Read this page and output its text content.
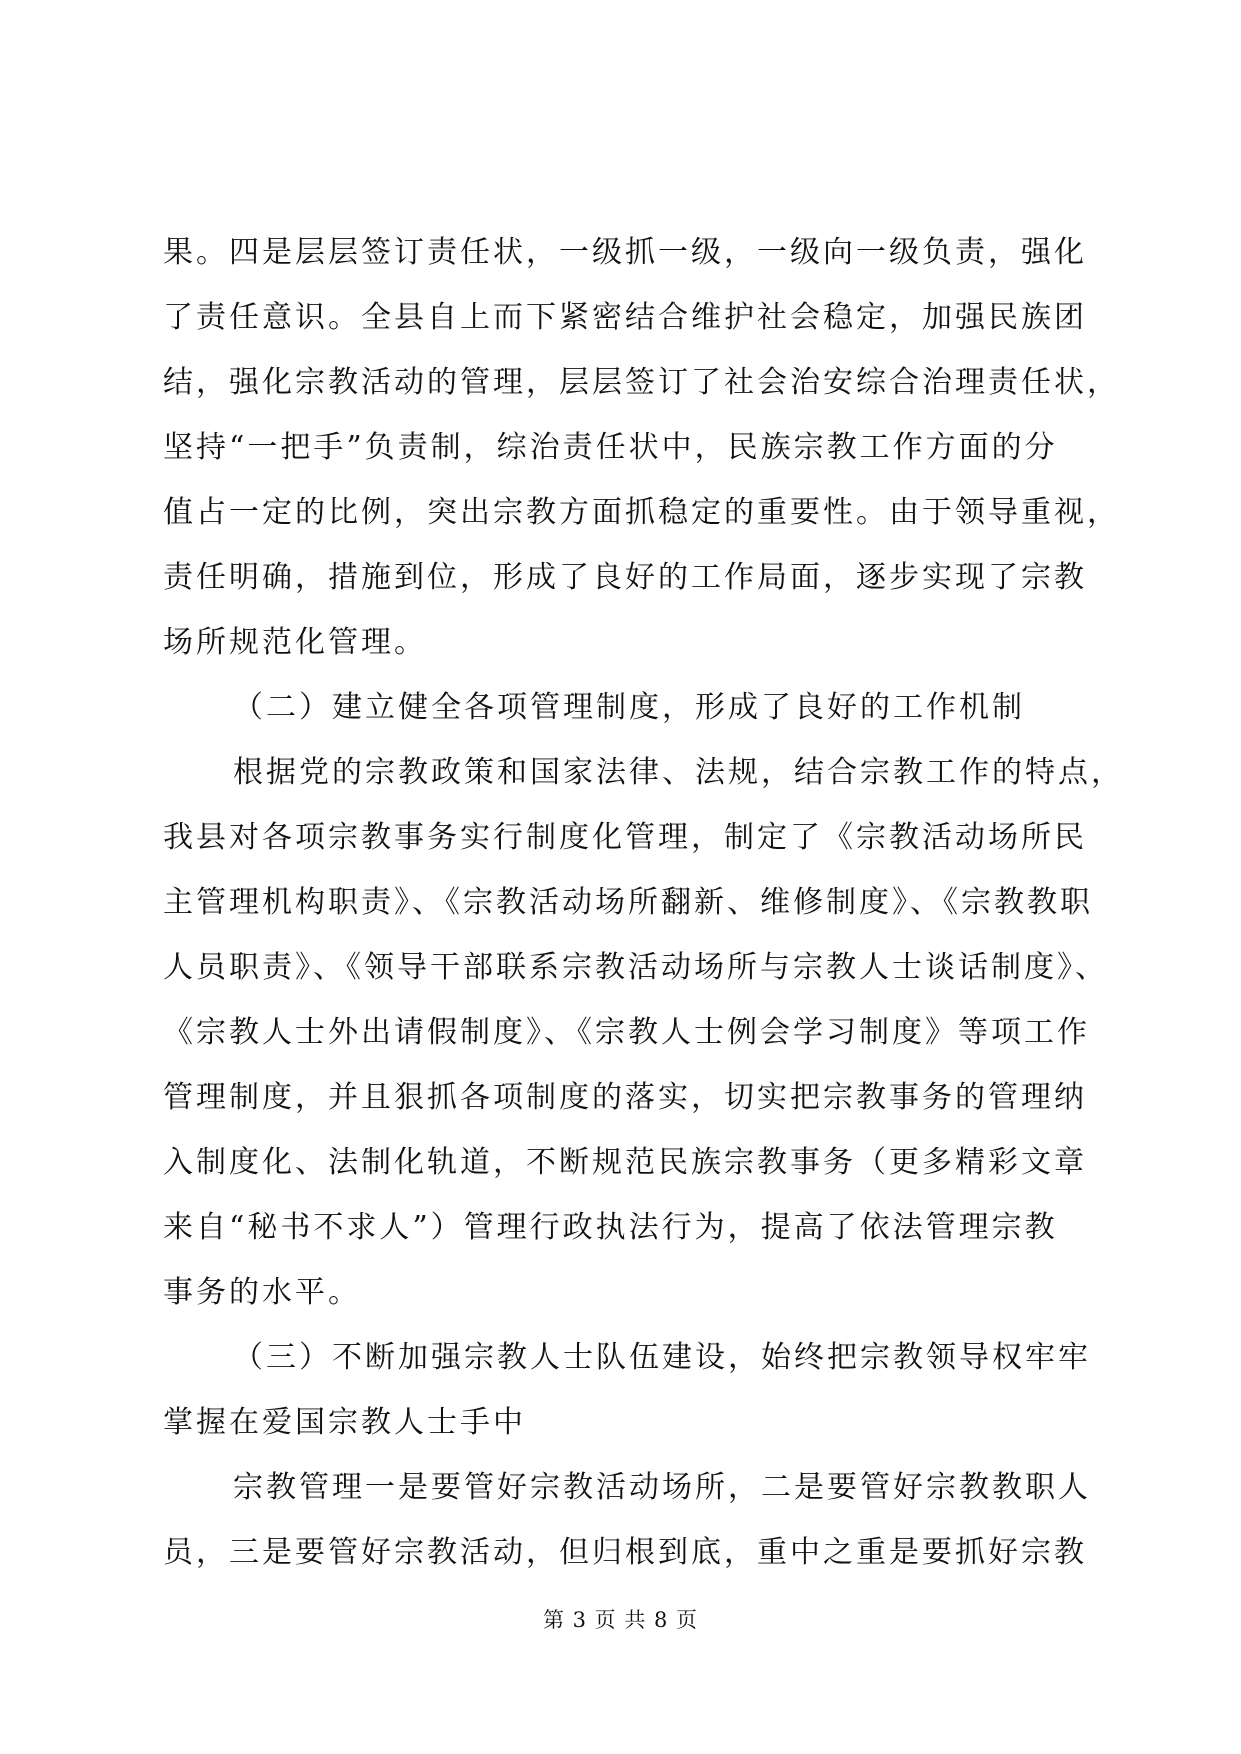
果。四是层层签订责任状，一级抓一级，一级向一级负责，强化
了责任意识。全县自上而下紧密结合维护社会稳定，加强民族团
结，强化宗教活动的管理，层层签订了社会治安综合治理责任状，
坚持“一把手”负责制，综治责任状中，民族宗教工作方面的分
值占一定的比例，突出宗教方面抓稳定的重要性。由于领导重视，
责任明确，措施到位，形成了良好的工作局面，逐步实现了宗教
场所规范化管理。
（二）建立健全各项管理制度，形成了良好的工作机制
根据党的宗教政策和国家法律、法规，结合宗教工作的特点，
我县对各项宗教事务实行制度化管理，制定了《宗教活动场所民
主管理机构职责》、《宗教活动场所翻新、维修制度》、《宗教教职
人员职责》、《领导干部联系宗教活动场所与宗教人士谈话制度》、
《宗教人士外出请假制度》、《宗教人士例会学习制度》等项工作
管理制度，并且狠抓各项制度的落实，切实把宗教事务的管理纳
入制度化、法制化轨道，不断规范民族宗教事务（更多精彩文章
来自“秘书不求人”）管理行政执法行为，提高了依法管理宗教
事务的水平。
（三）不断加强宗教人士队伍建设，始终把宗教领导权牢牢
掌握在爱国宗教人士手中
宗教管理一是要管好宗教活动场所，二是要管好宗教教职人
员，三是要管好宗教活动，但归根到底，重中之重是要抓好宗教
第 3 页 共 8 页
